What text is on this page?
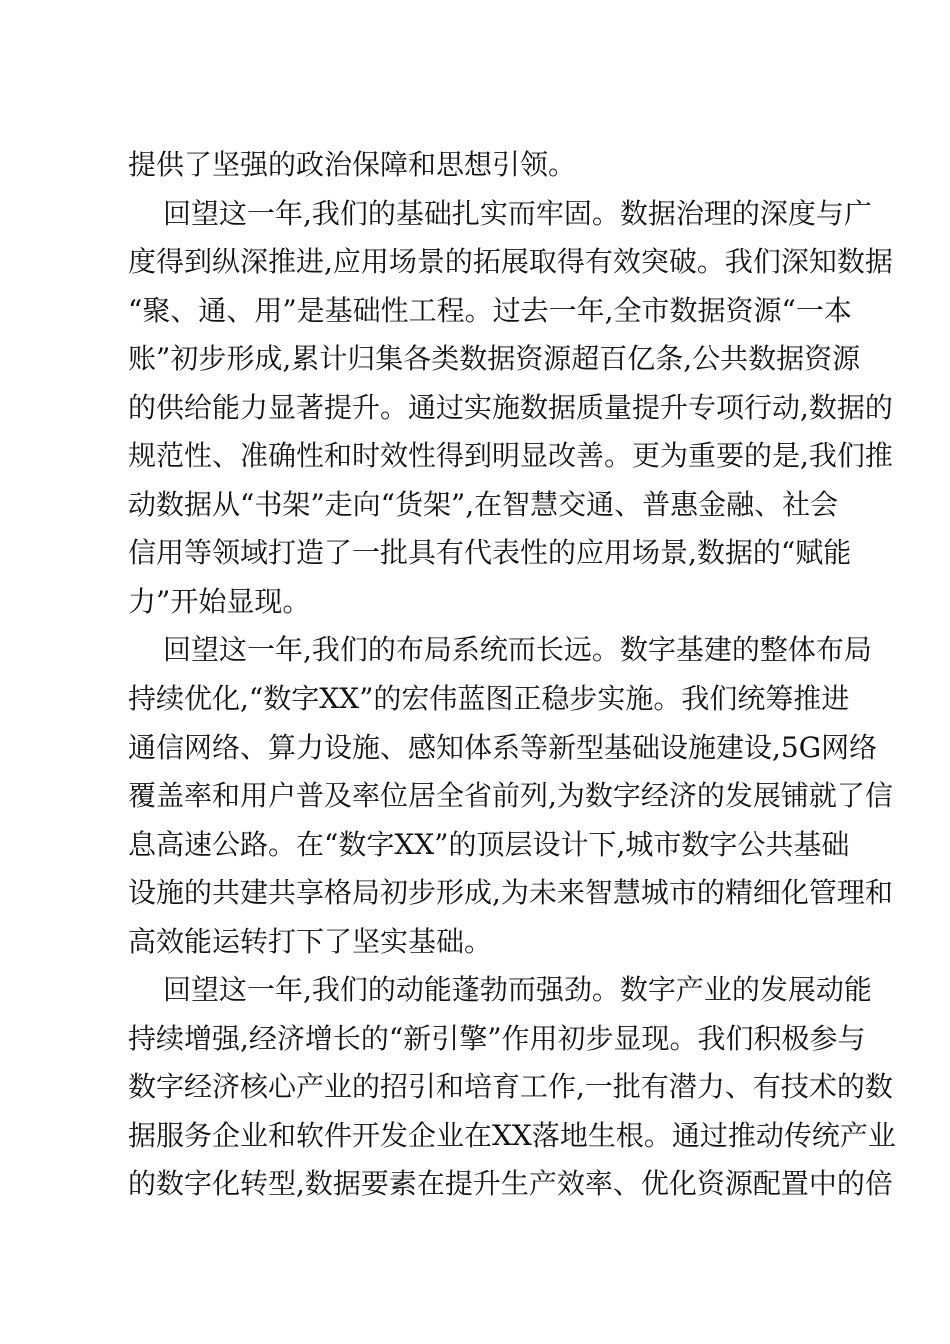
提供了坚强的政治保障和思想引领。
回望这一年,我们的基础扎实而牢固。数据治理的深度与广
度得到纵深推进,应用场景的拓展取得有效突破。我们深知数据
“聚、通、用”是基础性工程。过去一年,全市数据资源“一本
账”初步形成,累计归集各类数据资源超百亿条,公共数据资源
的供给能力显著提升。通过实施数据质量提升专项行动,数据的
规范性、准确性和时效性得到明显改善。更为重要的是,我们推
动数据从“书架”走向“货架”,在智慧交通、普惠金融、社会
信用等领域打造了一批具有代表性的应用场景,数据的“赋能
力”开始显现。
回望这一年,我们的布局系统而长远。数字基建的整体布局
持续优化,“数字XX”的宏伟蓝图正稳步实施。我们统筹推进
通信网络、算力设施、感知体系等新型基础设施建设,5G网络
覆盖率和用户普及率位居全省前列,为数字经济的发展铺就了信
息高速公路。在“数字XX”的顶层设计下,城市数字公共基础
设施的共建共享格局初步形成,为未来智慧城市的精细化管理和
高效能运转打下了坚实基础。
回望这一年,我们的动能蓬勃而强劲。数字产业的发展动能
持续增强,经济增长的“新引擎”作用初步显现。我们积极参与
数字经济核心产业的招引和培育工作,一批有潜力、有技术的数
据服务企业和软件开发企业在XX落地生根。通过推动传统产业
的数字化转型,数据要素在提升生产效率、优化资源配置中的倍
